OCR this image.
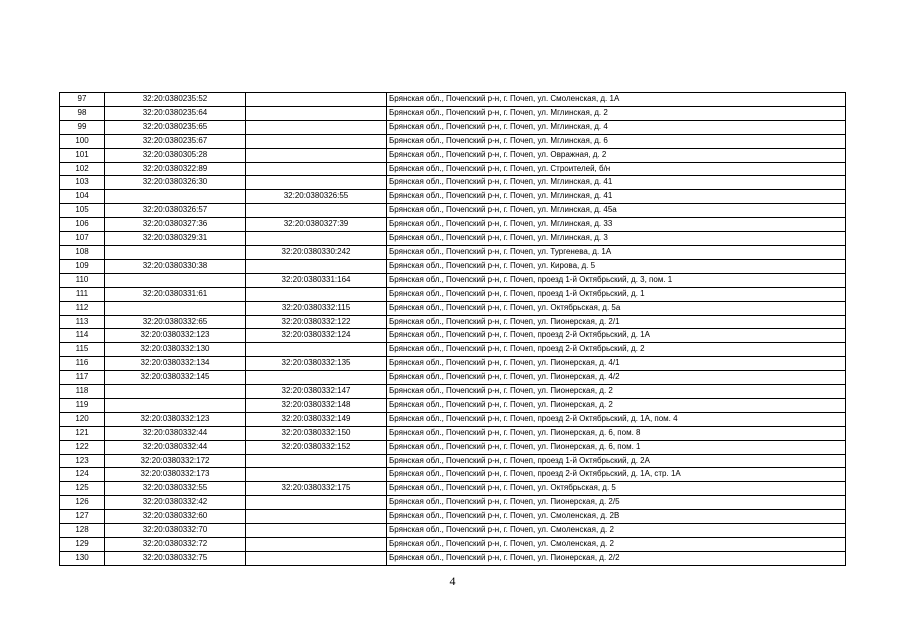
97	32:20:0380235:52		Брянская обл., Почепский р-н, г. Почеп, ул. Смоленская, д. 1А
98	32:20:0380235:64		Брянская обл., Почепский р-н, г. Почеп, ул. Мглинская, д. 2
99	32:20:0380235:65		Брянская обл., Почепский р-н, г. Почеп, ул. Мглинская, д. 4
100	32:20:0380235:67		Брянская обл., Почепский р-н, г. Почеп, ул. Мглинская, д. 6
101	32:20:0380305:28		Брянская обл., Почепский р-н, г. Почеп, ул. Овражная, д. 2
102	32:20:0380322:89		Брянская обл., Почепский р-н, г. Почеп, ул. Строителей, б/н
103	32:20:0380326:30		Брянская обл., Почепский р-н, г. Почеп, ул. Мглинская, д. 41
104		32:20:0380326:55	Брянская обл., Почепский р-н, г. Почеп, ул. Мглинская, д. 41
105	32:20:0380326:57		Брянская обл., Почепский р-н, г. Почеп, ул. Мглинская, д. 45а
106	32:20:0380327:36	32:20:0380327:39	Брянская обл., Почепский р-н, г. Почеп, ул. Мглинская, д. 33
107	32:20:0380329:31		Брянская обл., Почепский р-н, г. Почеп, ул. Мглинская, д. 3
108		32:20:0380330:242	Брянская обл., Почепский р-н, г. Почеп, ул. Тургенева, д. 1А
109	32:20:0380330:38		Брянская обл., Почепский р-н, г. Почеп, ул. Кирова, д. 5
110		32:20:0380331:164	Брянская обл., Почепский р-н, г. Почеп, проезд 1-й Октябрьский, д. 3, пом. 1
111	32:20:0380331:61		Брянская обл., Почепский р-н, г. Почеп, проезд 1-й Октябрьский, д. 1
112		32:20:0380332:115	Брянская обл., Почепский р-н, г. Почеп, ул. Октябрьская, д. 5а
113	32:20:0380332:65	32:20:0380332:122	Брянская обл., Почепский р-н, г. Почеп, ул. Пионерская, д. 2/1
114	32:20:0380332:123	32:20:0380332:124	Брянская обл., Почепский р-н, г. Почеп, проезд 2-й Октябрьский, д. 1А
115	32:20:0380332:130		Брянская обл., Почепский р-н, г. Почеп, проезд 2-й Октябрьский, д. 2
116	32:20:0380332:134	32:20:0380332:135	Брянская обл., Почепский р-н, г. Почеп, ул. Пионерская, д. 4/1
117	32:20:0380332:145		Брянская обл., Почепский р-н, г. Почеп, ул. Пионерская, д. 4/2
118		32:20:0380332:147	Брянская обл., Почепский р-н, г. Почеп, ул. Пионерская, д. 2
119		32:20:0380332:148	Брянская обл., Почепский р-н, г. Почеп, ул. Пионерская, д. 2
120	32:20:0380332:123	32:20:0380332:149	Брянская обл., Почепский р-н, г. Почеп, проезд 2-й Октябрьский, д. 1А, пом. 4
121	32:20:0380332:44	32:20:0380332:150	Брянская обл., Почепский р-н, г. Почеп, ул. Пионерская, д. 6, пом. 8
122	32:20:0380332:44	32:20:0380332:152	Брянская обл., Почепский р-н, г. Почеп, ул. Пионерская, д. 6, пом. 1
123	32:20:0380332:172		Брянская обл., Почепский р-н, г. Почеп, проезд 1-й Октябрьский, д. 2А
124	32:20:0380332:173		Брянская обл., Почепский р-н, г. Почеп, проезд 2-й Октябрьский, д. 1А, стр. 1А
125	32:20:0380332:55	32:20:0380332:175	Брянская обл., Почепский р-н, г. Почеп, ул. Октябрьская, д. 5
126	32:20:0380332:42		Брянская обл., Почепский р-н, г. Почеп, ул. Пионерская, д. 2/5
127	32:20:0380332:60		Брянская обл., Почепский р-н, г. Почеп, ул. Смоленская, д. 2В
128	32:20:0380332:70		Брянская обл., Почепский р-н, г. Почеп, ул. Смоленская, д. 2
129	32:20:0380332:72		Брянская обл., Почепский р-н, г. Почеп, ул. Смоленская, д. 2
130	32:20:0380332:75		Брянская обл., Почепский р-н, г. Почеп, ул. Пионерская, д. 2/2
4
